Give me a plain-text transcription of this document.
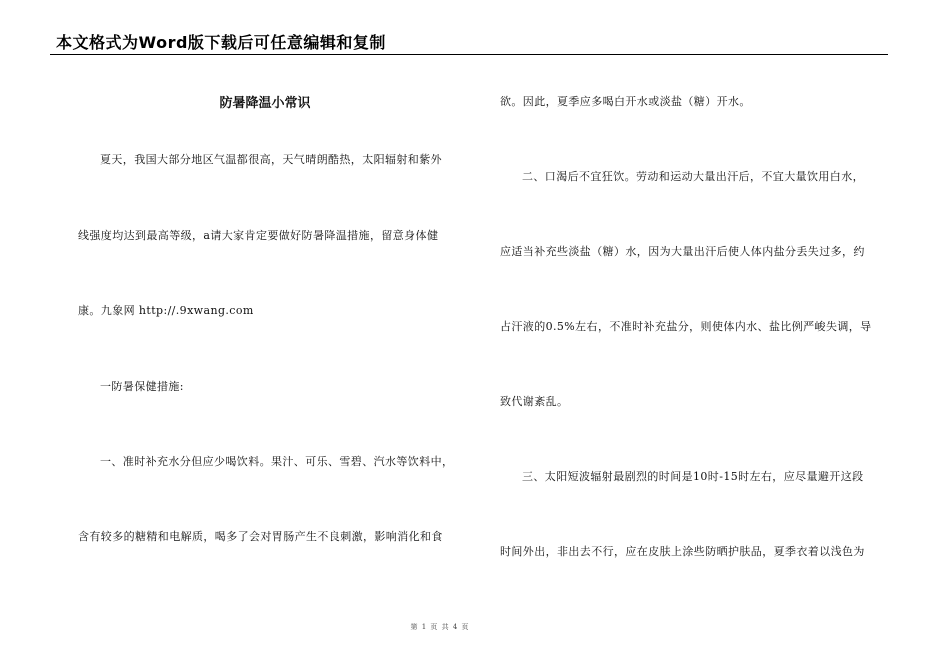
本文格式为Word版下载后可任意编辑和复制
防暑降温小常识
夏天，我国大部分地区气温都很高，天气晴朗酷热，太阳辐射和紫外
线强度均达到最高等级，a请大家肯定要做好防暑降温措施，留意身体健
康。九象网 http://.9xwang.com
一防暑保健措施:
一、准时补充水分但应少喝饮料。果汁、可乐、雪碧、汽水等饮料中，
含有较多的糖精和电解质，喝多了会对胃肠产生不良刺激，影响消化和食
欲。因此，夏季应多喝白开水或淡盐（糖）开水。
二、口渴后不宜狂饮。劳动和运动大量出汗后，不宜大量饮用白水，
应适当补充些淡盐（糖）水，因为大量出汗后使人体内盐分丢失过多，约
占汗液的0.5%左右，不准时补充盐分，则使体内水、盐比例严峻失调，导
致代谢紊乱。
三、太阳短波辐射最剧烈的时间是10时-15时左右，应尽量避开这段
时间外出，非出去不行，应在皮肤上涂些防晒护肤品，夏季衣着以浅色为
第 1 页 共 4 页
